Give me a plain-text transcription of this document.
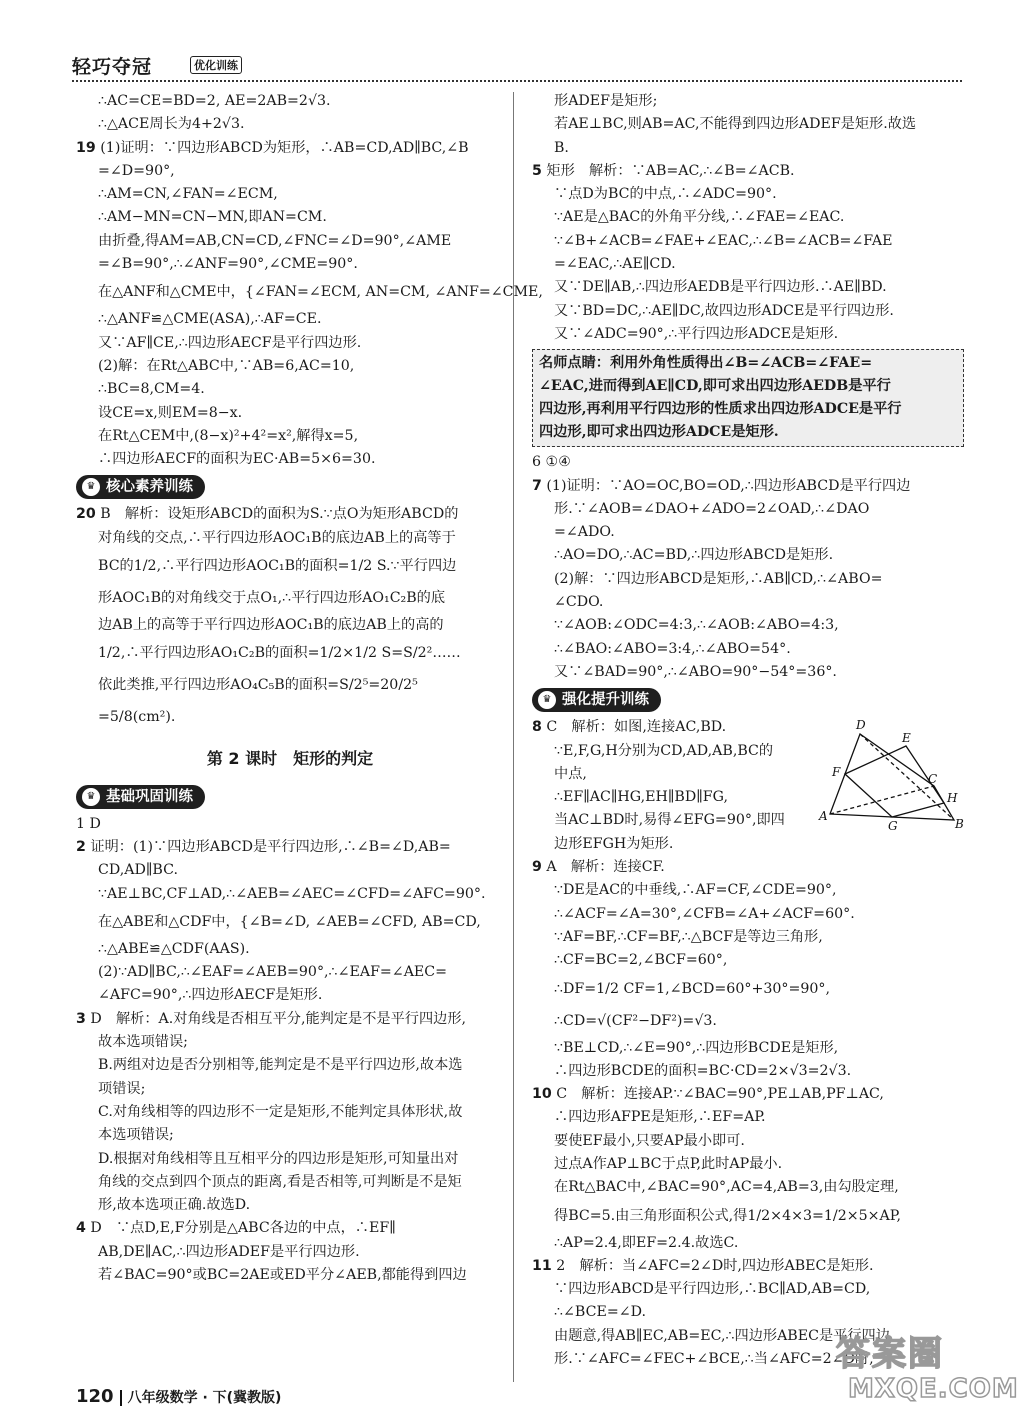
轻巧夺冠	优化训练
∴AC=CE=BD=2, AE=2AB=2√3.
∴△ACE周长为4+2√3.
19 (1)证明：∵四边形ABCD为矩形，∴AB=CD,AD∥BC,∠B
=∠D=90°,
∴AM=CN,∠FAN=∠ECM,
∴AM−MN=CN−MN,即AN=CM.
由折叠,得AM=AB,CN=CD,∠FNC=∠D=90°,∠AME
=∠B=90°,∴∠ANF=90°,∠CME=90°.
在△ANF和△CME中，{∠FAN=∠ECM, AN=CM, ∠ANF=∠CME,
∴△ANF≌△CME(ASA),∴AF=CE.
又∵AF∥CE,∴四边形AECF是平行四边形.
(2)解：在Rt△ABC中,∵AB=6,AC=10,
∴BC=8,CM=4.
设CE=x,则EM=8−x.
在Rt△CEM中,(8−x)²+4²=x²,解得x=5,
∴四边形AECF的面积为EC·AB=5×6=30.
♛ 核心素养训练
20 B　解析：设矩形ABCD的面积为S.∵点O为矩形ABCD的
对角线的交点,∴平行四边形AOC₁B的底边AB上的高等于
BC的1/2,∴平行四边形AOC₁B的面积=1/2 S.∵平行四边
形AOC₁B的对角线交于点O₁,∴平行四边形AO₁C₂B的底
边AB上的高等于平行四边形AOC₁B的底边AB上的高的
1/2,∴平行四边形AO₁C₂B的面积=1/2×1/2 S=S/2²……
依此类推,平行四边形AO₄C₅B的面积=S/2⁵=20/2⁵
=5/8(cm²).
第 2 课时　矩形的判定
♛ 基础巩固训练
1 D
2 证明：(1)∵四边形ABCD是平行四边形,∴∠B=∠D,AB=
CD,AD∥BC.
∵AE⊥BC,CF⊥AD,∴∠AEB=∠AEC=∠CFD=∠AFC=90°.
在△ABE和△CDF中，{∠B=∠D, ∠AEB=∠CFD, AB=CD,
∴△ABE≌△CDF(AAS).
(2)∵AD∥BC,∴∠EAF=∠AEB=90°,∴∠EAF=∠AEC=
∠AFC=90°,∴四边形AECF是矩形.
3 D　解析：A.对角线是否相互平分,能判定是不是平行四边形,
故本选项错误;
B.两组对边是否分别相等,能判定是不是平行四边形,故本选
项错误;
C.对角线相等的四边形不一定是矩形,不能判定具体形状,故
本选项错误;
D.根据对角线相等且互相平分的四边形是矩形,可知量出对
角线的交点到四个顶点的距离,看是否相等,可判断是不是矩
形,故本选项正确.故选D.
4 D　∵点D,E,F分别是△ABC各边的中点，∴EF∥
AB,DE∥AC,∴四边形ADEF是平行四边形.
若∠BAC=90°或BC=2AE或ED平分∠AEB,都能得到四边
形ADEF是矩形;
若AE⊥BC,则AB=AC,不能得到四边形ADEF是矩形.故选
B.
5 矩形　解析：∵AB=AC,∴∠B=∠ACB.
∵点D为BC的中点,∴∠ADC=90°.
∵AE是△BAC的外角平分线,∴∠FAE=∠EAC.
∵∠B+∠ACB=∠FAE+∠EAC,∴∠B=∠ACB=∠FAE
=∠EAC,∴AE∥CD.
又∵DE∥AB,∴四边形AEDB是平行四边形.∴AE∥BD.
又∵BD=DC,∴AE∥DC,故四边形ADCE是平行四边形.
又∵∠ADC=90°,∴平行四边形ADCE是矩形.
名师点睛：利用外角性质得出∠B=∠ACB=∠FAE=
∠EAC,进而得到AE∥CD,即可求出四边形AEDB是平行
四边形,再利用平行四边形的性质求出四边形ADCE是平行
四边形,即可求出四边形ADCE是矩形.
6 ①④
7 (1)证明：∵AO=OC,BO=OD,∴四边形ABCD是平行四边
形.∵∠AOB=∠DAO+∠ADO=2∠OAD,∴∠DAO
=∠ADO.
∴AO=DO,∴AC=BD,∴四边形ABCD是矩形.
(2)解：∵四边形ABCD是矩形,∴AB∥CD,∴∠ABO=
∠CDO.
∵∠AOB:∠ODC=4:3,∴∠AOB:∠ABO=4:3,
∴∠BAO:∠ABO=3:4,∴∠ABO=54°.
又∵∠BAD=90°,∴∠ABO=90°−54°=36°.
♛ 强化提升训练
8 C　解析：如图,连接AC,BD.
∵E,F,G,H分别为CD,AD,AB,BC的
中点,
∴EF∥AC∥HG,EH∥BD∥FG,
当AC⊥BD时,易得∠EFG=90°,即四
边形EFGH为矩形.
9 A　解析：连接CF.
∵DE是AC的中垂线,∴AF=CF,∠CDE=90°,
∴∠ACF=∠A=30°,∠CFB=∠A+∠ACF=60°.
∵AF=BF,∴CF=BF,∴△BCF是等边三角形,
∴CF=BC=2,∠BCF=60°,
∴DF=1/2 CF=1,∠BCD=60°+30°=90°,
∴CD=√(CF²−DF²)=√3.
∵BE⊥CD,∴∠E=90°,∴四边形BCDE是矩形,
∴四边形BCDE的面积=BC·CD=2×√3=2√3.
10 C　解析：连接AP.∵∠BAC=90°,PE⊥AB,PF⊥AC,
∴四边形AFPE是矩形,∴EF=AP.
要使EF最小,只要AP最小即可.
过点A作AP⊥BC于点P,此时AP最小.
在Rt△BAC中,∠BAC=90°,AC=4,AB=3,由勾股定理,
得BC=5.由三角形面积公式,得1/2×4×3=1/2×5×AP,
∴AP=2.4,即EF=2.4.故选C.
11 2　解析：当∠AFC=2∠D时,四边形ABEC是矩形.
∵四边形ABCD是平行四边形,∴BC∥AD,AB=CD,
∴∠BCE=∠D.
由题意,得AB∥EC,AB=EC,∴四边形ABEC是平行四边
形.∵∠AFC=∠FEC+∠BCE,∴当∠AFC=2∠D时,
A
B
C
D
E
F
G
H
120 八年级数学 · 下(冀教版)
答案圈
MXQE.COM
